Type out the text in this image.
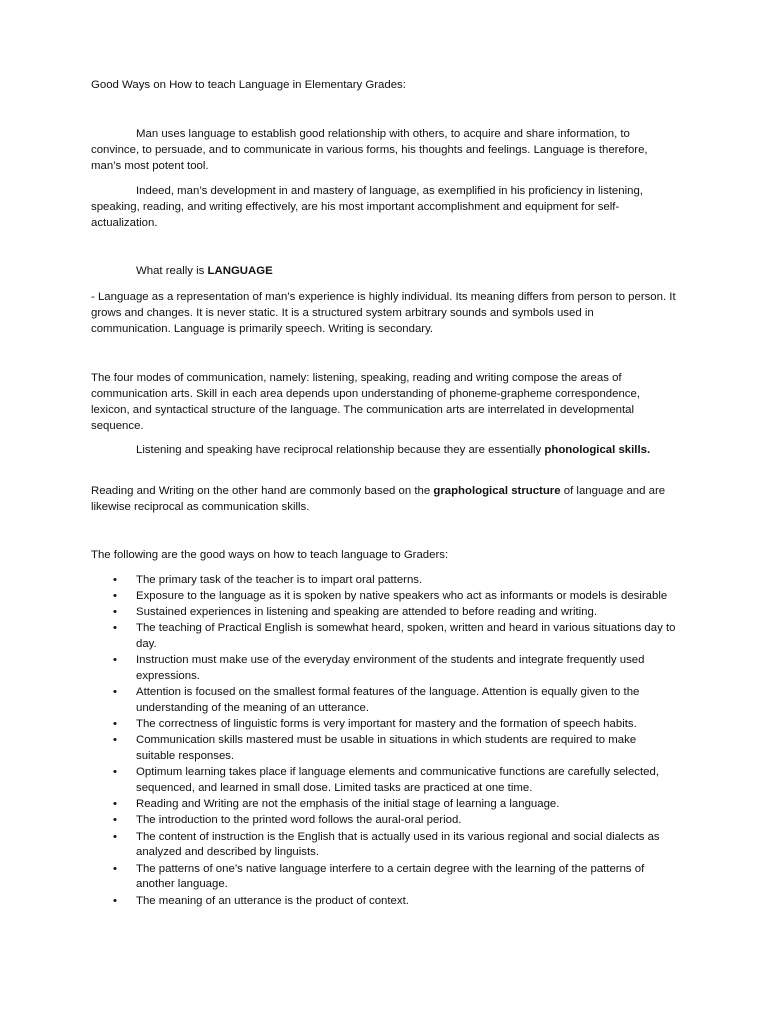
Good Ways on How to teach Language in Elementary Grades:

Man uses language to establish good relationship with others, to acquire and share information, to convince, to persuade, and to communicate in various forms, his thoughts and feelings. Language is therefore, man’s most potent tool.

Indeed, man’s development in and mastery of language, as exemplified in his proficiency in listening, speaking, reading, and writing effectively, are his most important accomplishment and equipment for self-actualization.

What really is LANGUAGE

- Language as a representation of man’s experience is highly individual. Its meaning differs from person to person. It grows and changes. It is never static. It is a structured system arbitrary sounds and symbols used in communication. Language is primarily speech. Writing is secondary.

The four modes of communication, namely: listening, speaking, reading and writing compose the areas of communication arts. Skill in each area depends upon understanding of phoneme-grapheme correspondence, lexicon, and syntactical structure of the language. The communication arts are interrelated in developmental sequence.

Listening and speaking have reciprocal relationship because they are essentially phonological skills.

Reading and Writing on the other hand are commonly based on the graphological structure of language and are likewise reciprocal as communication skills.

The following are the good ways on how to teach language to Graders:

• The primary task of the teacher is to impart oral patterns.
• Exposure to the language as it is spoken by native speakers who act as informants or models is desirable
• Sustained experiences in listening and speaking are attended to before reading and writing.
• The teaching of Practical English is somewhat heard, spoken, written and heard in various situations day to day.
• Instruction must make use of the everyday environment of the students and integrate frequently used expressions.
• Attention is focused on the smallest formal features of the language. Attention is equally given to the understanding of the meaning of an utterance.
• The correctness of linguistic forms is very important for mastery and the formation of speech habits.
• Communication skills mastered must be usable in situations in which students are required to make suitable responses.
• Optimum learning takes place if language elements and communicative functions are carefully selected, sequenced, and learned in small dose. Limited tasks are practiced at one time.
• Reading and Writing are not the emphasis of the initial stage of learning a language.
• The introduction to the printed word follows the aural-oral period.
• The content of instruction is the English that is actually used in its various regional and social dialects as analyzed and described by linguists.
• The patterns of one’s native language interfere to a certain degree with the learning of the patterns of another language.
• The meaning of an utterance is the product of context.
